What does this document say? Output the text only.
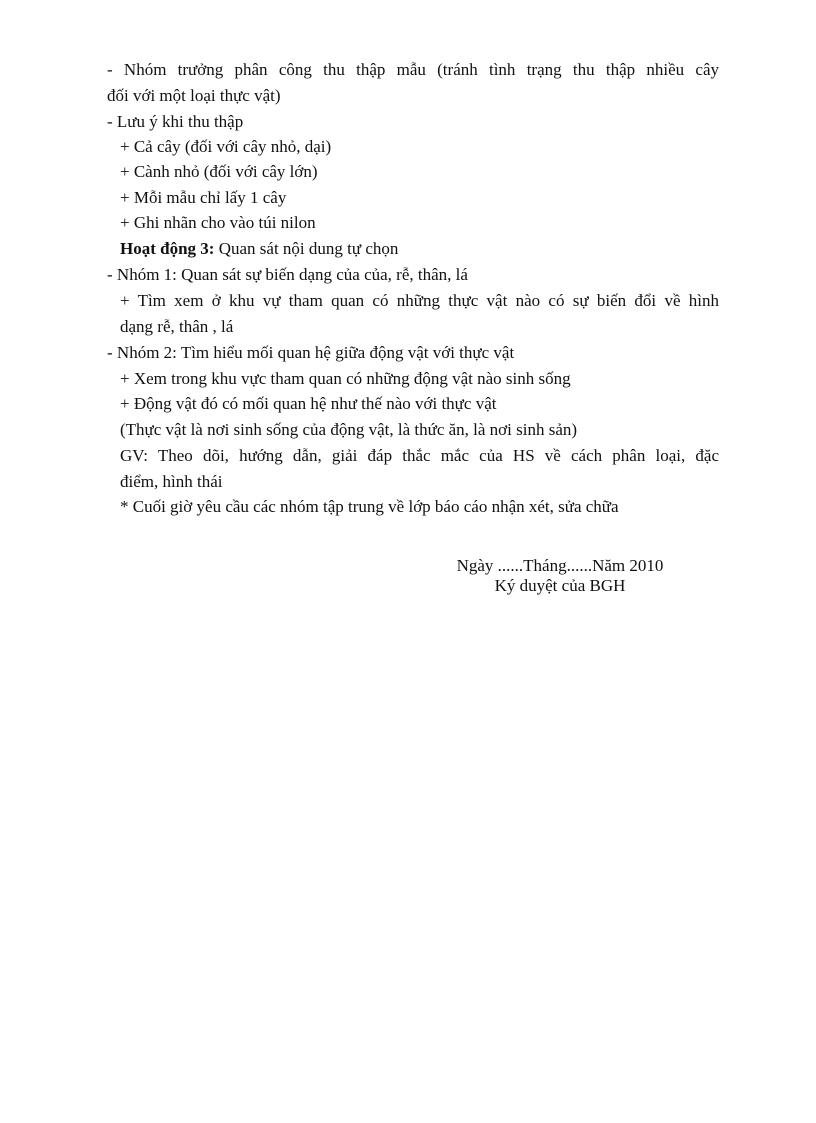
- Nhóm trưởng phân công thu thập mẫu (tránh tình trạng thu thập nhiều cây
đối với một loại thực vật)
- Lưu ý khi thu thập
+ Cả cây (đối với cây nhỏ, dại)
+ Cành nhỏ (đối với cây lớn)
+ Mỗi mẫu chỉ lấy 1 cây
+ Ghi nhãn cho vào túi nilon
Hoạt động 3: Quan sát nội dung tự chọn
- Nhóm 1: Quan sát sự biến dạng của của, rễ, thân, lá
+ Tìm xem ở khu vự tham quan có những thực vật nào có sự biến đổi về hình
dạng rễ, thân , lá
- Nhóm 2: Tìm hiểu mối quan hệ giữa động vật với thực vật
+ Xem trong khu vực tham quan có những động vật nào sinh sống
+ Động vật đó có mối quan hệ như thế nào với thực vật
(Thực vật là nơi sinh sống của động vật, là thức ăn, là nơi sinh sản)
GV: Theo dõi, hướng dẫn, giải đáp thắc mắc của HS về cách phân loại, đặc
điểm, hình thái
* Cuối giờ yêu cầu các nhóm tập trung về lớp báo cáo nhận xét, sửa chữa
Ngày ......Tháng......Năm 2010
Ký duyệt của BGH
